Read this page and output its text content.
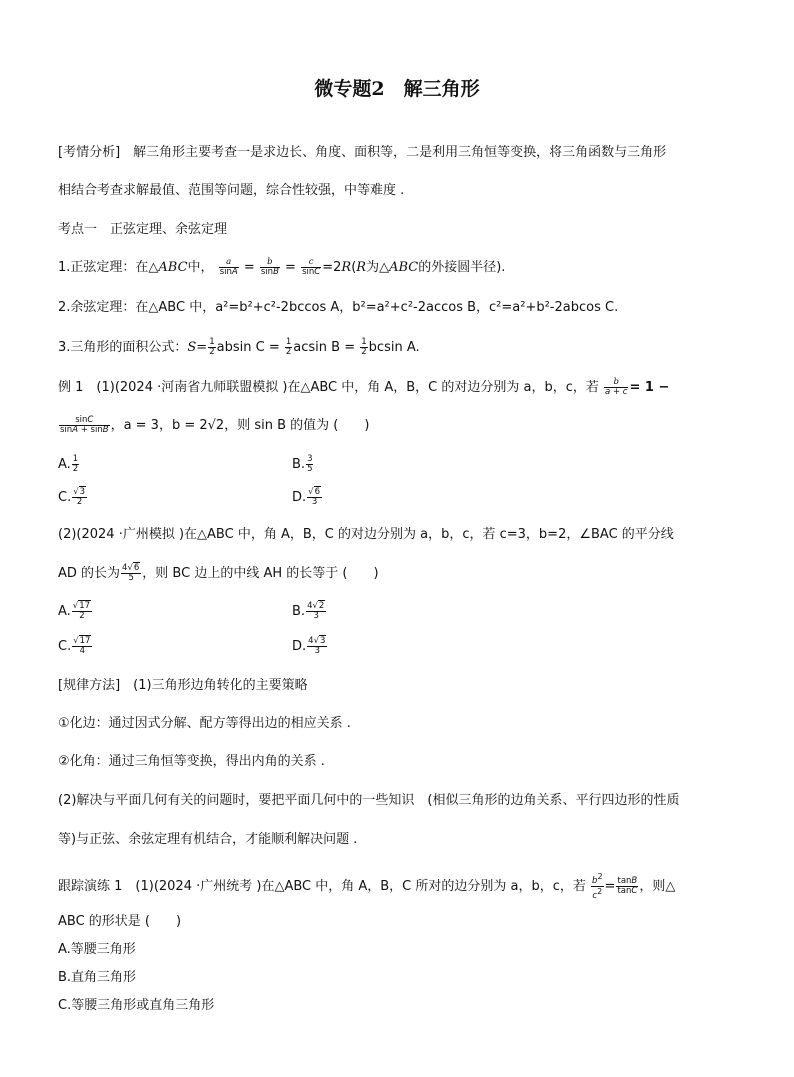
微专题2　解三角形
[考情分析]　解三角形主要考查一是求边长、角度、面积等，二是利用三角恒等变换，将三角函数与三角形
相结合考查求解最值、范围等问题，综合性较强，中等难度 .
考点一　正弦定理、余弦定理
1.正弦定理：在△ABC中， $\frac{a}{\sin A} = \frac{b}{\sin B} = \frac{c}{\sin C} =2R(R$为△ABC的外接圆半径).
2.余弦定理：在△ABC 中，a²=b²+c²-2bccos A，b²=a²+c²-2accos B，c²=a²+b²-2abcos C.
3.三角形的面积公式：$S= \frac{1}{2}$ absin $C = \frac{1}{2}$ acsin $B = \frac{1}{2}$ bcsin A.
例 1　(1)(2024 ·河南省九师联盟模拟 )在△ABC 中，角 A，B，C 的对边分别为 a，b，c，若 $\frac{b}{a + c} = 1$ −
$\frac{\sin C}{\sin A + \sin B}$ ，a = 3，b = 2√2，则 sin B 的值为 (　　)
A. $\frac{1}{2}$	B. $\frac{3}{5}$
C. $\frac{√3}{2}$	D. $\frac{√6}{3}$
(2)(2024 ·广州模拟 )在△ABC 中，角 A，B，C 的对边分别为 a，b，c，若 c=3，b=2，∠BAC 的平分线
AD 的长为 $\frac{4√6}{5}$ ，则 BC 边上的中线 AH 的长等于 (　　)
A. $\frac{√17}{2}$	B. $\frac{4√2}{3}$
C. $\frac{√17}{4}$	D. $\frac{4√3}{3}$
[规律方法]　(1)三角形边角转化的主要策略
①化边：通过因式分解、配方等得出边的相应关系 .
②化角：通过三角恒等变换，得出内角的关系 .
(2)解决与平面几何有关的问题时，要把平面几何中的一些知识　(相似三角形的边角关系、平行四边形的性质
等)与正弦、余弦定理有机结合，才能顺利解决问题 .
跟踪演练 1　(1)(2024 ·广州统考 )在△ABC 中，角 A，B，C 所对的边分别为 a，b，c，若 $\frac{b^2}{c^2} = \frac{\tan B}{\tan C}$ ，则△
ABC 的形状是 (　　)
A.等腰三角形
B.直角三角形
C.等腰三角形或直角三角形
